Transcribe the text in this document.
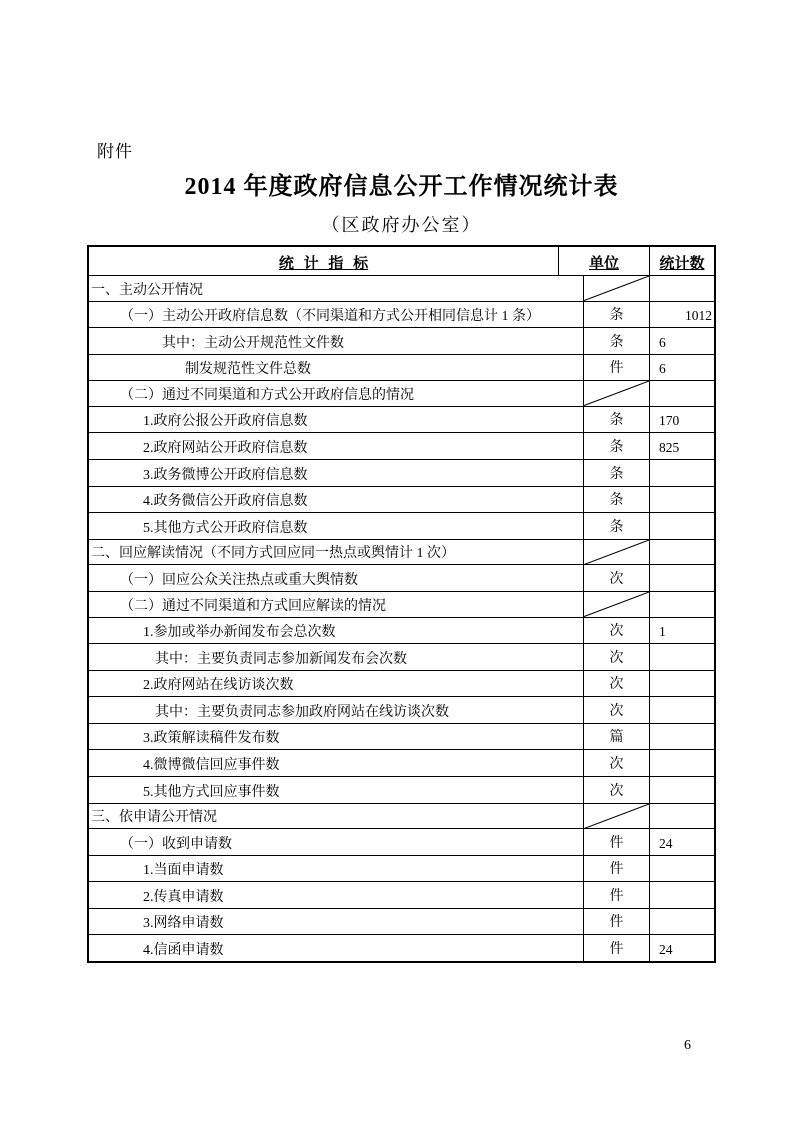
附件
2014 年度政府信息公开工作情况统计表
（区政府办公室）
统 计 指 标	单位	统计数
一、主动公开情况
（一）主动公开政府信息数（不同渠道和方式公开相同信息计 1 条）	条	1012
其中：主动公开规范性文件数	条	6
制发规范性文件总数	件	6
（二）通过不同渠道和方式公开政府信息的情况
1.政府公报公开政府信息数	条	170
2.政府网站公开政府信息数	条	825
3.政务微博公开政府信息数	条
4.政务微信公开政府信息数	条
5.其他方式公开政府信息数	条
二、回应解读情况（不同方式回应同一热点或舆情计 1 次）
（一）回应公众关注热点或重大舆情数	次
（二）通过不同渠道和方式回应解读的情况
1.参加或举办新闻发布会总次数	次	1
其中：主要负责同志参加新闻发布会次数	次
2.政府网站在线访谈次数	次
其中：主要负责同志参加政府网站在线访谈次数	次
3.政策解读稿件发布数	篇
4.微博微信回应事件数	次
5.其他方式回应事件数	次
三、依申请公开情况
（一）收到申请数	件	24
1.当面申请数	件
2.传真申请数	件
3.网络申请数	件
4.信函申请数	件	24
6
